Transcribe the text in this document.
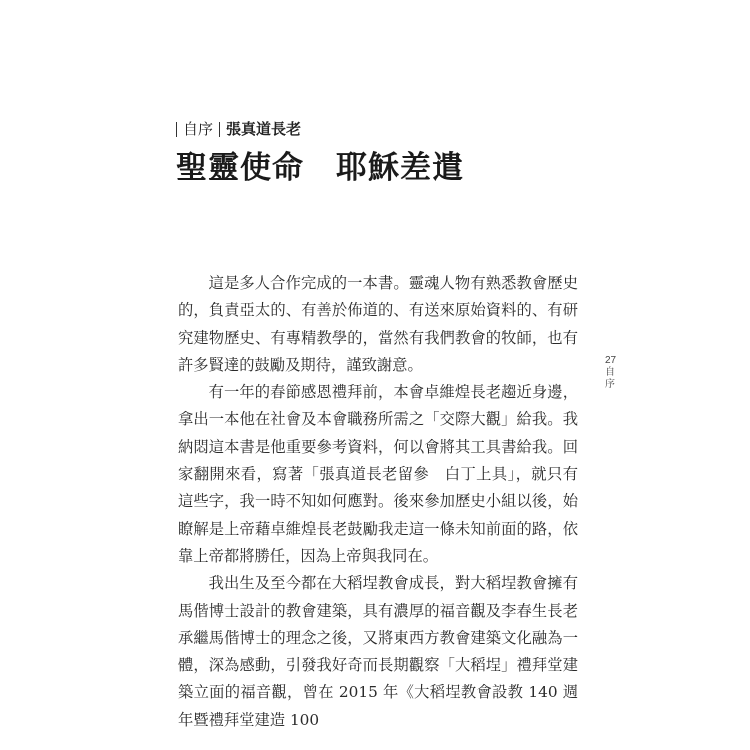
自序 張真道長老
聖靈使命　耶穌差遣

這是多人合作完成的一本書。靈魂人物有熟悉教會歷史的，負責亞太的、有善於佈道的、有送來原始資料的、有研究建物歷史、有專精教學的，當然有我們教會的牧師，也有許多賢達的鼓勵及期待，謹致謝意。

有一年的春節感恩禮拜前，本會卓維煌長老趨近身邊，拿出一本他在社會及本會職務所需之「交際大觀」給我。我納悶這本書是他重要參考資料，何以會將其工具書給我。回家翻開來看，寫著「張真道長老留參　白丁上具」，就只有這些字，我一時不知如何應對。後來參加歷史小組以後，始瞭解是上帝藉卓維煌長老鼓勵我走這一條未知前面的路，依靠上帝都將勝任，因為上帝與我同在。

我出生及至今都在大稻埕教會成長，對大稻埕教會擁有馬偕博士設計的教會建築，具有濃厚的福音觀及李春生長老承繼馬偕博士的理念之後，又將東西方教會建築文化融為一體，深為感動，引發我好奇而長期觀察「大稻埕」禮拜堂建築立面的福音觀，曾在 2015 年《大稻埕教會設教 140 週年暨禮拜堂建造 100

27
自序
